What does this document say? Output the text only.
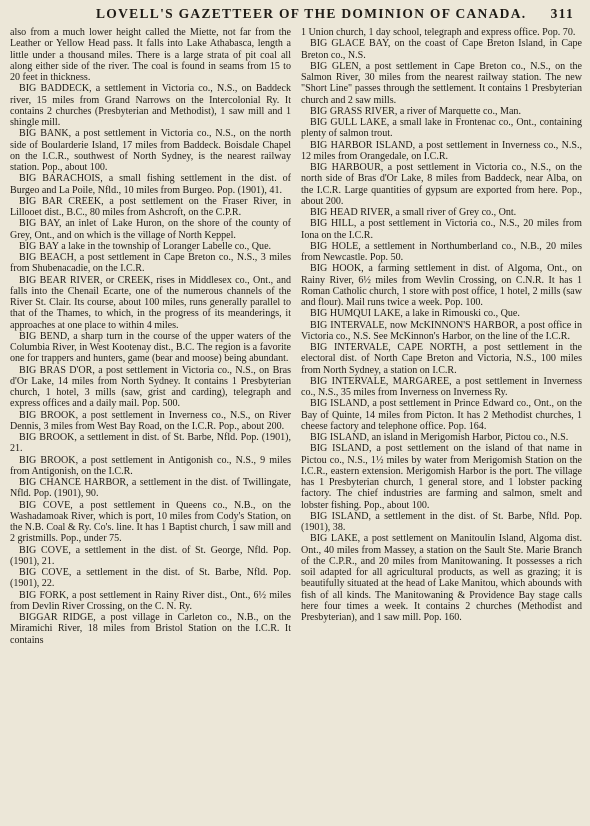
LOVELL'S GAZETTEER OF THE DOMINION OF CANADA. 311

also from a much lower height called the Miette, not far from the Leather or Yellow Head pass. It falls into Lake Athabasca, length a little under a thousand miles. There is a large strata of pit coal all along either side of the river. The coal is found in seams from 15 to 20 feet in thickness.

BIG BADDECK, a settlement in Victoria co., N.S., on Baddeck river, 15 miles from Grand Narrows on the Intercolonial Ry. It contains 2 churches (Presbyterian and Methodist), 1 saw mill and 1 shingle mill.

BIG BANK, a post settlement in Victoria co., N.S., on the north side of Boularderie Island, 17 miles from Baddeck. Boisdale Chapel on the I.C.R., southwest of North Sydney, is the nearest railway station. Pop., about 100.

BIG BARACHOIS, a small fishing settlement in the dist. of Burgeo and La Poile, Nfld., 10 miles from Burgeo. Pop. (1901), 41.

BIG BAR CREEK, a post settlement on the Fraser River, in Lillooet dist., B.C., 80 miles from Ashcroft, on the C.P.R.

BIG BAY, an inlet of Lake Huron, on the shore of the county of Grey, Ont., and on which is the village of North Keppel.

BIG BAY a lake in the township of Loranger Labelle co., Que.

BIG BEACH, a post settlement in Cape Breton co., N.S., 3 miles from Shubenacadie, on the I.C.R.

BIG BEAR RIVER, or CREEK, rises in Middlesex co., Ont., and falls into the Chenail Ecarte, one of the numerous channels of the River St. Clair. Its course, about 100 miles, runs generally parallel to that of the Thames, to which, in the progress of its meanderings, it approaches at one place to within 4 miles.

BIG BEND, a sharp turn in the course of the upper waters of the Columbia River, in West Kootenay dist., B.C. The region is a favorite one for trappers and hunters, game (bear and moose) being abundant.

BIG BRAS D'OR, a post settlement in Victoria co., N.S., on Bras d'Or Lake, 14 miles from North Sydney. It contains 1 Presbyterian church, 1 hotel, 3 mills (saw, grist and carding), telegraph and express offices and a daily mail. Pop. 500.

BIG BROOK, a post settlement in Inverness co., N.S., on River Dennis, 3 miles from West Bay Road, on the I.C.R. Pop., about 200.

BIG BROOK, a settlement in dist. of St. Barbe, Nfld. Pop. (1901), 21.

BIG BROOK, a post settlement in Antigonish co., N.S., 9 miles from Antigonish, on the I.C.R.

BIG CHANCE HARBOR, a settlement in the dist. of Twillingate, Nfld. Pop. (1901), 90.

BIG COVE, a post settlement in Queens co., N.B., on the Washadamoak River, which is port, 10 miles from Cody's Station, on the N.B. Coal & Ry. Co's. line. It has 1 Baptist church, 1 saw mill and 2 gristmills. Pop., under 75.

BIG COVE, a settlement in the dist. of St. George, Nfld. Pop. (1901), 21.

BIG COVE, a settlement in the dist. of St. Barbe, Nfld. Pop. (1901), 22.

BIG FORK, a post settlement in Rainy River dist., Ont., 6½ miles from Devlin River Crossing, on the C. N. Ry.

BIGGAR RIDGE, a post village in Carleton co., N.B., on the Miramichi River, 18 miles from Bristol Station on the I.C.R. It contains

1 Union church, 1 day school, telegraph and express office. Pop. 70.

BIG GLACE BAY, on the coast of Cape Breton Island, in Cape Breton co., N.S.

BIG GLEN, a post settlement in Cape Breton co., N.S., on the Salmon River, 30 miles from the nearest railway station. The new "Short Line" passes through the settlement. It contains 1 Presbyterian church and 2 saw mills.

BIG GRASS RIVER, a river of Marquette co., Man.

BIG GULL LAKE, a small lake in Frontenac co., Ont., containing plenty of salmon trout.

BIG HARBOR ISLAND, a post settlement in Inverness co., N.S., 12 miles from Orangedale, on I.C.R.

BIG HARBOUR, a post settlement in Victoria co., N.S., on the north side of Bras d'Or Lake, 8 miles from Baddeck, near Alba, on the I.C.R. Large quantities of gypsum are exported from here. Pop., about 200.

BIG HEAD RIVER, a small river of Grey co., Ont.

BIG HILL, a post settlement in Victoria co., N.S., 20 miles from Iona on the I.C.R.

BIG HOLE, a settlement in Northumberland co., N.B., 20 miles from Newcastle. Pop. 50.

BIG HOOK, a farming settlement in dist. of Algoma, Ont., on Rainy River, 6½ miles from Wevlin Crossing, on C.N.R. It has 1 Roman Catholic church, 1 store with post office, 1 hotel, 2 mills (saw and flour). Mail runs twice a week. Pop. 100.

BIG HUMQUI LAKE, a lake in Rimouski co., Que.

BIG INTERVALE, now McKINNON'S HARBOR, a post office in Victoria co., N.S. See McKinnon's Harbor, on the line of the I.C.R.

BIG INTERVALE, CAPE NORTH, a post settlement in the electoral dist. of North Cape Breton and Victoria, N.S., 100 miles from North Sydney, a station on I.C.R.

BIG INTERVALE, MARGAREE, a post settlement in Inverness co., N.S., 35 miles from Inverness on Inverness Ry.

BIG ISLAND, a post settlement in Prince Edward co., Ont., on the Bay of Quinte, 14 miles from Picton. It has 2 Methodist churches, 1 cheese factory and telephone office. Pop. 164.

BIG ISLAND, an island in Merigomish Harbor, Pictou co., N.S.

BIG ISLAND, a post settlement on the island of that name in Pictou co., N.S., 1½ miles by water from Merigomish Station on the I.C.R., eastern extension. Merigomish Harbor is the port. The village has 1 Presbyterian church, 1 general store, and 1 lobster packing factory. The chief industries are farming and salmon, smelt and lobster fishing. Pop., about 100.

BIG ISLAND, a settlement in the dist. of St. Barbe, Nfld. Pop. (1901), 38.

BIG LAKE, a post settlement on Manitoulin Island, Algoma dist. Ont., 40 miles from Massey, a station on the Sault Ste. Marie Branch of the C.P.R., and 20 miles from Manitowaning. It possesses a rich soil adapted for all agricultural products, as well as grazing; it is beautifully situated at the head of Lake Manitou, which abounds with fish of all kinds. The Manitowaning & Providence Bay stage calls here four times a week. It contains 2 churches (Methodist and Presbyterian), and 1 saw mill. Pop. 160.
